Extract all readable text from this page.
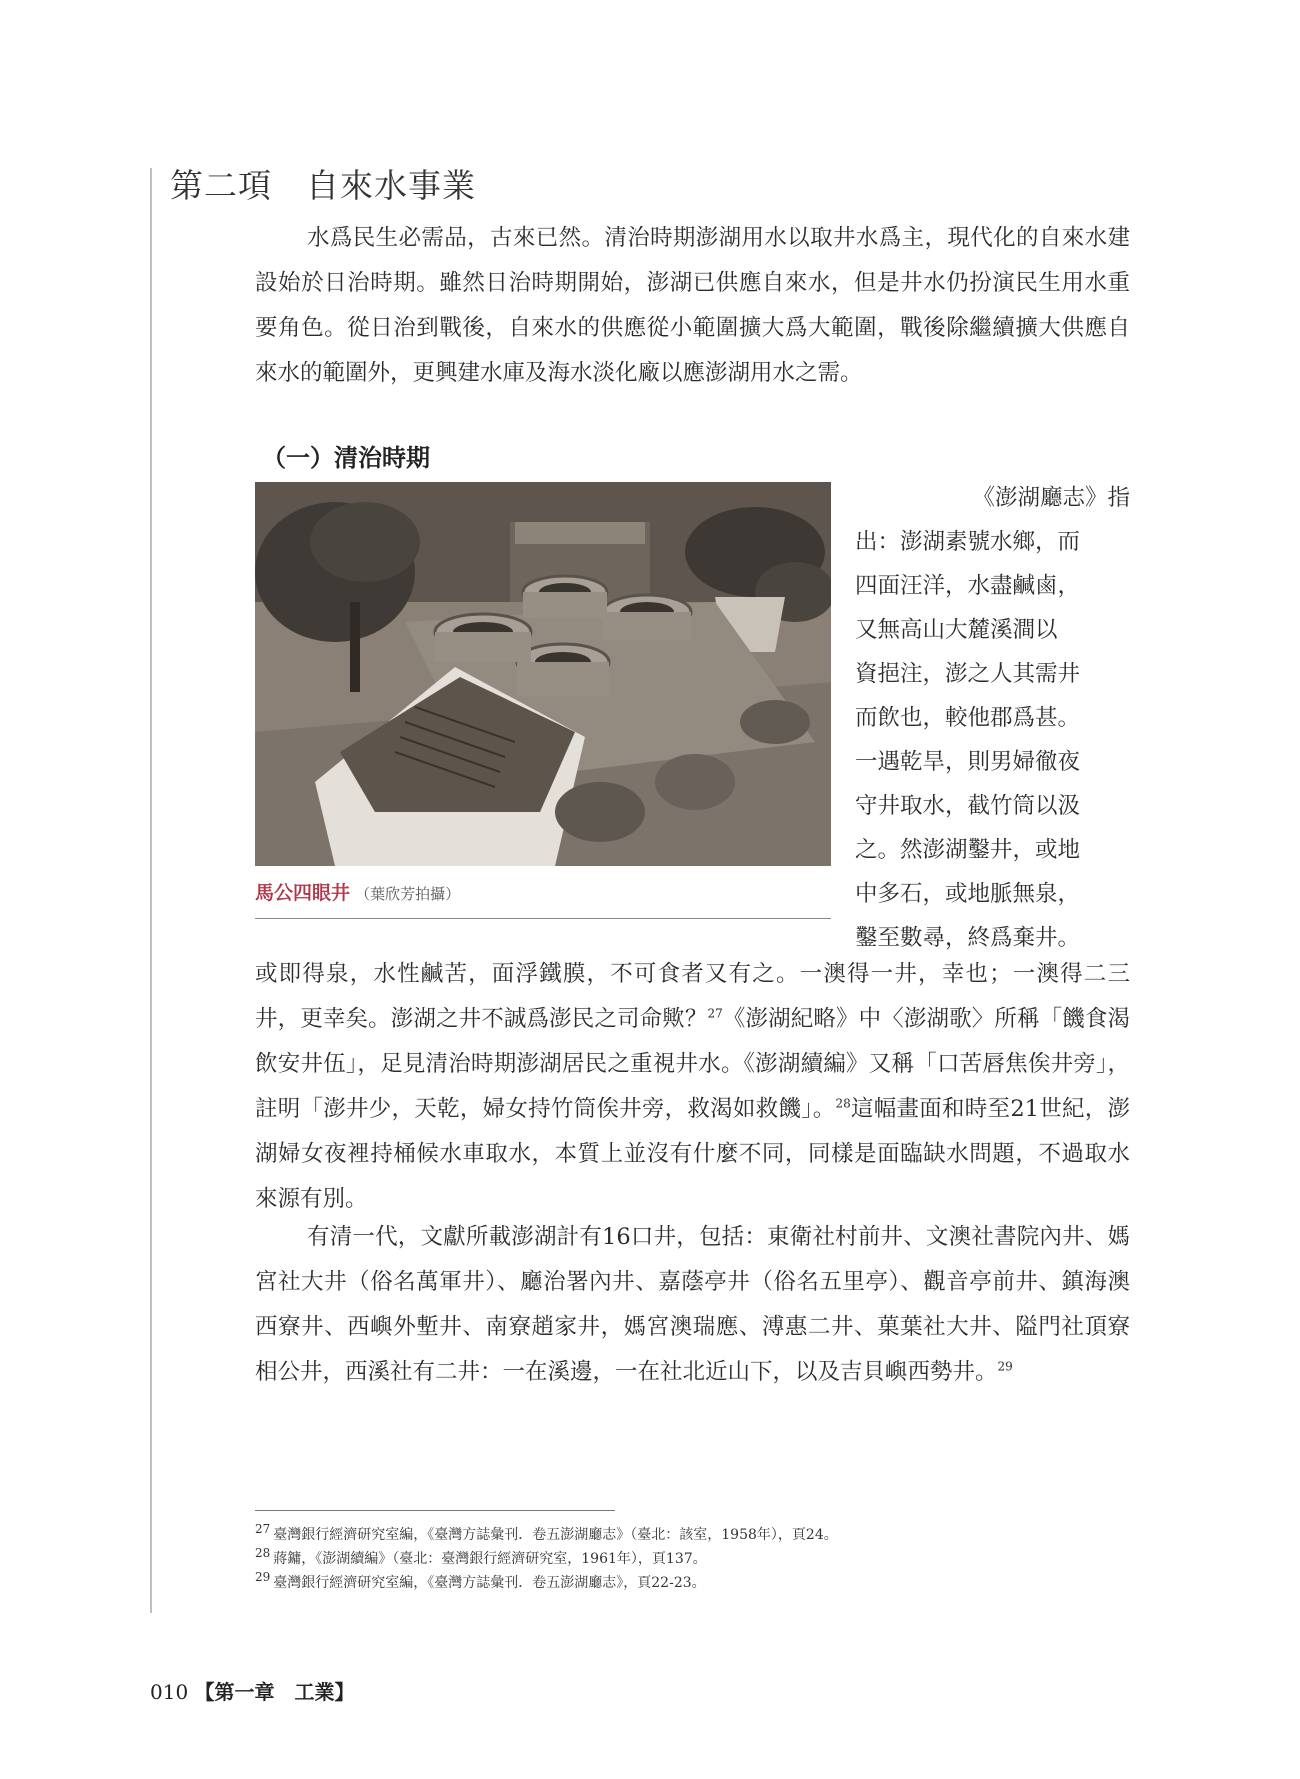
第二項　自來水事業

水爲民生必需品，古來已然。清治時期澎湖用水以取井水爲主，現代化的自來水建設始於日治時期。雖然日治時期開始，澎湖已供應自來水，但是井水仍扮演民生用水重要角色。從日治到戰後，自來水的供應從小範圍擴大爲大範圍，戰後除繼續擴大供應自來水的範圍外，更興建水庫及海水淡化廠以應澎湖用水之需。

（一）清治時期
馬公四眼井 （葉欣芳拍攝）

《澎湖廳志》指
出：澎湖素號水鄉，而
四面汪洋，水盡鹹鹵，
又無高山大麓溪澗以
資挹注，澎之人其需井
而飲也，較他郡爲甚。
一遇乾旱，則男婦徹夜
守井取水，截竹筒以汲
之。然澎湖鑿井，或地
中多石，或地脈無泉，
鑿至數尋，終爲棄井。

或即得泉，水性鹹苦，面浮鐵膜，不可食者又有之。一澳得一井，幸也；一澳得二三井，更幸矣。澎湖之井不誠爲澎民之司命歟？$^{27}$《澎湖紀略》中〈澎湖歌〉所稱「饑食渴飲安井伍」，足見清治時期澎湖居民之重視井水。《澎湖續編》又稱「口苦唇焦俟井旁」，註明「澎井少，天乾，婦女持竹筒俟井旁，救渴如救饑」。$^{28}$這幅畫面和時至21世紀，澎湖婦女夜裡持桶候水車取水，本質上並沒有什麼不同，同樣是面臨缺水問題，不過取水來源有別。

有清一代，文獻所載澎湖計有16口井，包括：東衛社村前井、文澳社書院內井、媽宮社大井（俗名萬軍井）、廳治署內井、嘉蔭亭井（俗名五里亭）、觀音亭前井、鎮海澳西寮井、西嶼外塹井、南寮趙家井，媽宮澳瑞應、溥惠二井、菓葉社大井、隘門社頂寮相公井，西溪社有二井：一在溪邊，一在社北近山下，以及吉貝嶼西勢井。$^{29}$

27 臺灣銀行經濟研究室編，《臺灣方誌彙刊．卷五澎湖廳志》（臺北：該室，1958年），頁24。
28 蔣鏞，《澎湖續編》（臺北：臺灣銀行經濟研究室，1961年），頁137。
29 臺灣銀行經濟研究室編，《臺灣方誌彙刊．卷五澎湖廳志》，頁22-23。
010 【第一章　工業】
